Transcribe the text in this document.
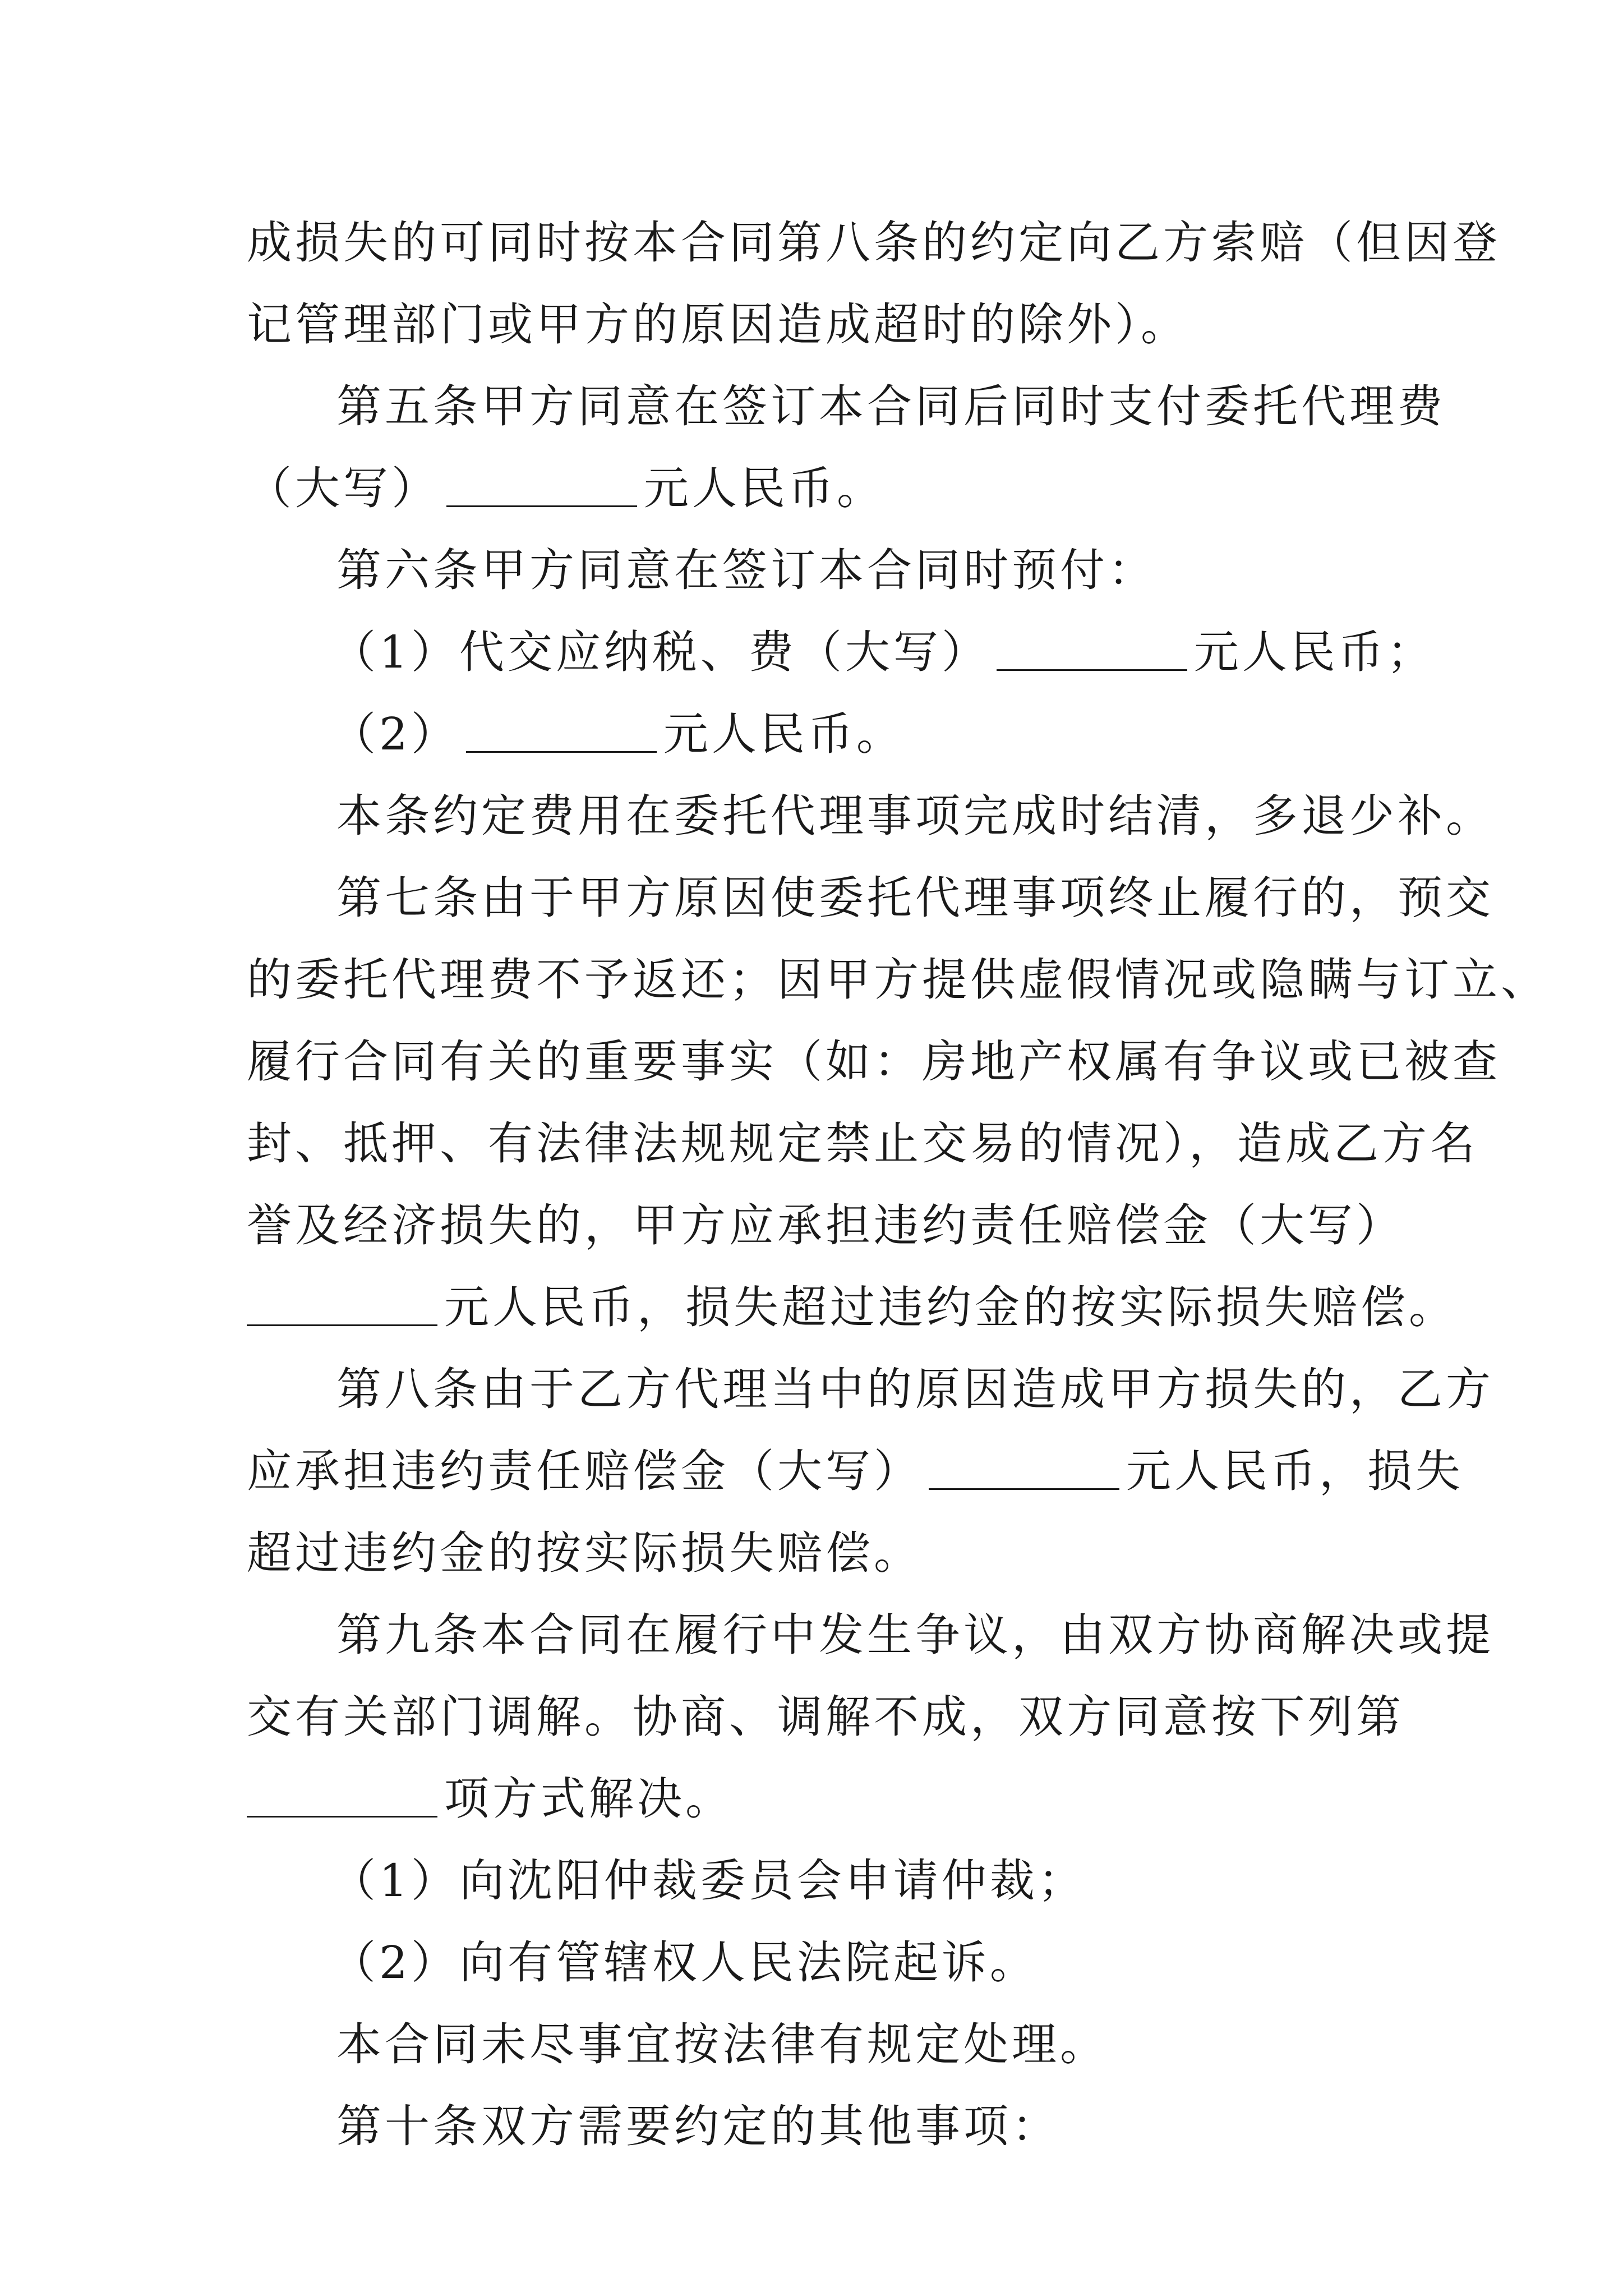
成损失的可同时按本合同第八条的约定向乙方索赔（但因登

记管理部门或甲方的原因造成超时的除外）。

第五条甲方同意在签订本合同后同时支付委托代理费

（大写）	元人民币。

第六条甲方同意在签订本合同时预付：

（1）代交应纳税、费（大写）	元人民币；

（2）	元人民币。

本条约定费用在委托代理事项完成时结清，多退少补。

第七条由于甲方原因使委托代理事项终止履行的，预交

的委托代理费不予返还；因甲方提供虚假情况或隐瞒与订立、

履行合同有关的重要事实（如：房地产权属有争议或已被查

封、抵押、有法律法规规定禁止交易的情况），造成乙方名

誉及经济损失的，甲方应承担违约责任赔偿金（大写）

元人民币，损失超过违约金的按实际损失赔偿。

第八条由于乙方代理当中的原因造成甲方损失的，乙方

应承担违约责任赔偿金（大写）	元人民币，损失

超过违约金的按实际损失赔偿。

第九条本合同在履行中发生争议，由双方协商解决或提

交有关部门调解。协商、调解不成，双方同意按下列第

项方式解决。

（1）向沈阳仲裁委员会申请仲裁；

（2）向有管辖权人民法院起诉。

本合同未尽事宜按法律有规定处理。

第十条双方需要约定的其他事项：
